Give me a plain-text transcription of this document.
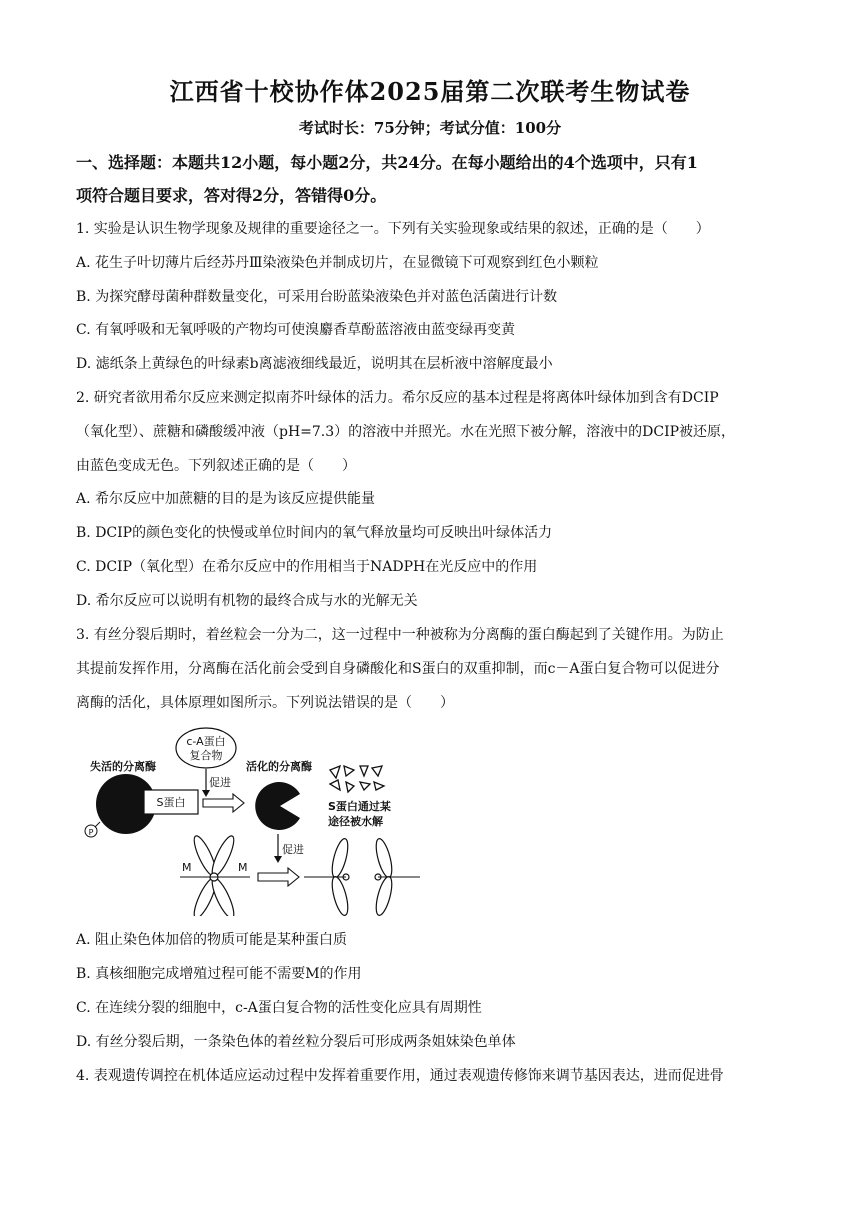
江西省十校协作体2025届第二次联考生物试卷
考试时长：75分钟；考试分值：100分
一、选择题：本题共12小题，每小题2分，共24分。在每小题给出的4个选项中，只有1
项符合题目要求，答对得2分，答错得0分。
1. 实验是认识生物学现象及规律的重要途径之一。下列有关实验现象或结果的叙述，正确的是（　　）
A. 花生子叶切薄片后经苏丹Ⅲ染液染色并制成切片，在显微镜下可观察到红色小颗粒
B. 为探究酵母菌种群数量变化，可采用台盼蓝染液染色并对蓝色活菌进行计数
C. 有氧呼吸和无氧呼吸的产物均可使溴麝香草酚蓝溶液由蓝变绿再变黄
D. 滤纸条上黄绿色的叶绿素b离滤液细线最近，说明其在层析液中溶解度最小
2. 研究者欲用希尔反应来测定拟南芥叶绿体的活力。希尔反应的基本过程是将离体叶绿体加到含有DCIP
（氧化型）、蔗糖和磷酸缓冲液（pH=7.3）的溶液中并照光。水在光照下被分解，溶液中的DCIP被还原，
由蓝色变成无色。下列叙述正确的是（　　）
A. 希尔反应中加蔗糖的目的是为该反应提供能量
B. DCIP的颜色变化的快慢或单位时间内的氧气释放量均可反映出叶绿体活力
C. DCIP（氧化型）在希尔反应中的作用相当于NADPH在光反应中的作用
D. 希尔反应可以说明有机物的最终合成与水的光解无关
3. 有丝分裂后期时，着丝粒会一分为二，这一过程中一种被称为分离酶的蛋白酶起到了关键作用。为防止
其提前发挥作用，分离酶在活化前会受到自身磷酸化和S蛋白的双重抑制，而c－A蛋白复合物可以促进分
离酶的活化，具体原理如图所示。下列说法错误的是（　　）
c-A蛋白
复合物
促进
失活的分离酶
S蛋白
P
活化的分离酶
S蛋白通过某
途径被水解
促进
M	M
A. 阻止染色体加倍的物质可能是某种蛋白质
B. 真核细胞完成增殖过程可能不需要M的作用
C. 在连续分裂的细胞中，c-A蛋白复合物的活性变化应具有周期性
D. 有丝分裂后期，一条染色体的着丝粒分裂后可形成两条姐妹染色单体
4. 表观遗传调控在机体适应运动过程中发挥着重要作用，通过表观遗传修饰来调节基因表达，进而促进骨
